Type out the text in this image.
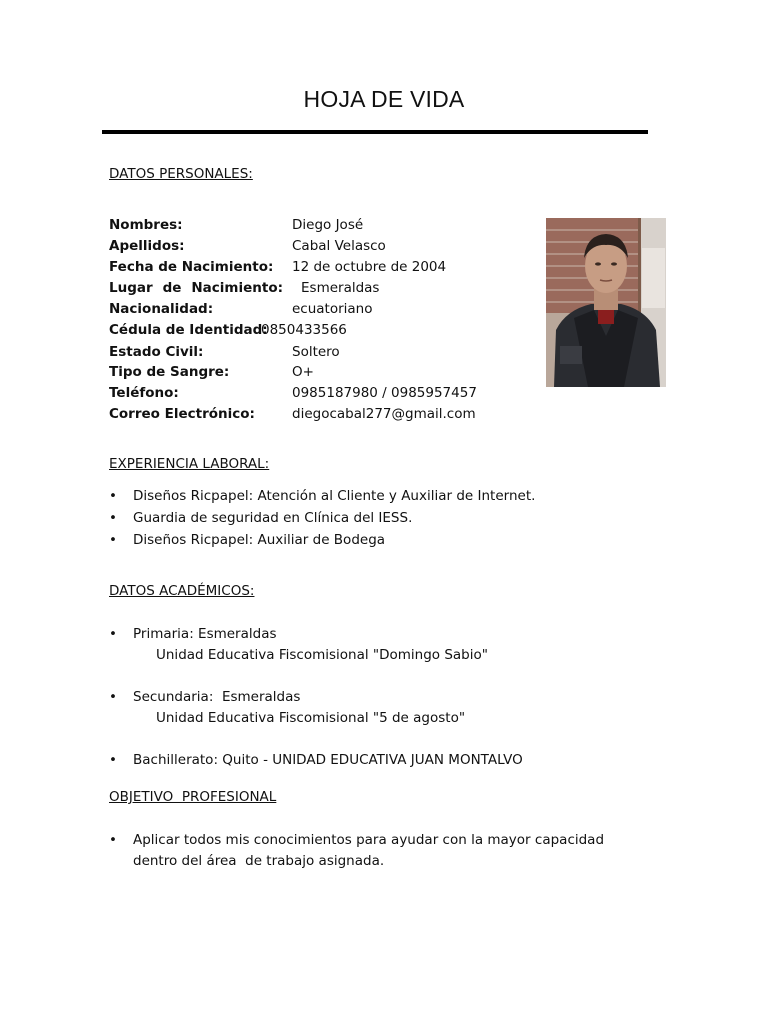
HOJA DE VIDA
DATOS PERSONALES:
Nombres:	Diego José
Apellidos:	Cabal Velasco
Fecha de Nacimiento: 12 de octubre de 2004
Lugar de Nacimiento: Esmeraldas
Nacionalidad:	ecuatoriano
Cédula de Identidad:
0850433566
Estado Civil:	Soltero
Tipo de Sangre:	O+
Teléfono:	0985187980 / 0985957457
Correo Electrónico:	diegocabal277@gmail.com
EXPERIENCIA LABORAL:
• Diseños Ricpapel: Atención al Cliente y Auxiliar de Internet.
• Guardia de seguridad en Clínica del IESS.
• Diseños Ricpapel: Auxiliar de Bodega
DATOS ACADÉMICOS:
• Primaria: Esmeraldas
Unidad Educativa Fiscomisional "Domingo Sabio"
• Secundaria:  Esmeraldas
Unidad Educativa Fiscomisional "5 de agosto"
• Bachillerato: Quito - UNIDAD EDUCATIVA JUAN MONTALVO
OBJETIVO  PROFESIONAL
• Aplicar todos mis conocimientos para ayudar con la mayor capacidad
dentro del área  de trabajo asignada.
